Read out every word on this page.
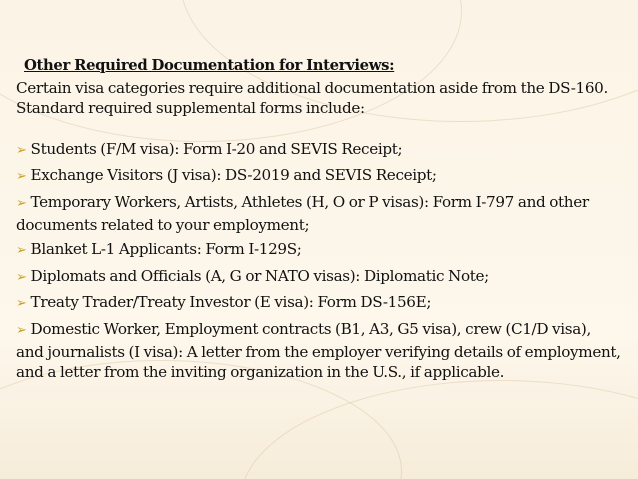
Other Required Documentation for Interviews:

Certain visa categories require additional documentation aside from the DS-160. Standard required supplemental forms include:

➢ Students (F/M visa): Form I-20 and SEVIS Receipt;
➢ Exchange Visitors (J visa): DS-2019 and SEVIS Receipt;
➢ Temporary Workers, Artists, Athletes (H, O or P visas): Form I-797 and other documents related to your employment;
➢ Blanket L-1 Applicants: Form I-129S;
➢ Diplomats and Officials (A, G or NATO visas): Diplomatic Note;
➢ Treaty Trader/Treaty Investor (E visa): Form DS-156E;
➢ Domestic Worker, Employment contracts (B1, A3, G5 visa), crew (C1/D visa), and journalists (I visa): A letter from the employer verifying details of employment, and a letter from the inviting organization in the U.S., if applicable.
